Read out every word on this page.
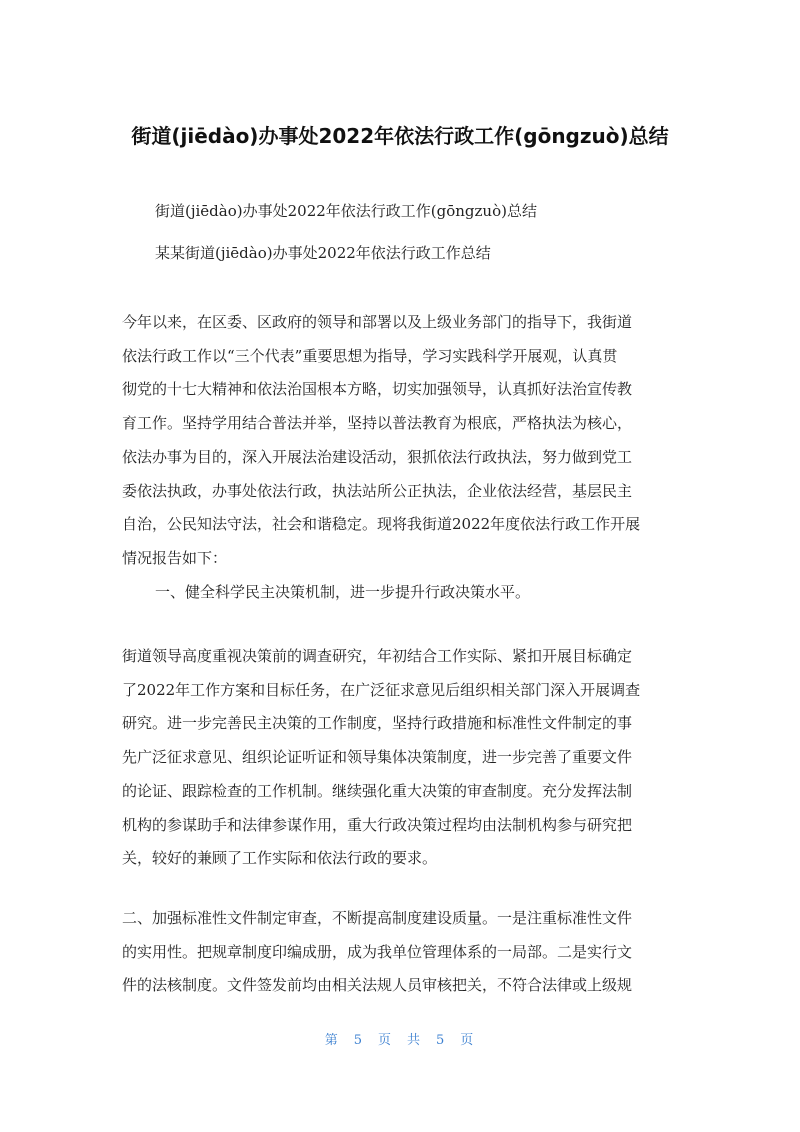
街道(jiēdào)办事处2022年依法行政工作(gōngzuò)总结
街道(jiēdào)办事处2022年依法行政工作(gōngzuò)总结
某某街道(jiēdào)办事处2022年依法行政工作总结
今年以来，在区委、区政府的领导和部署以及上级业务部门的指导下，我街道
依法行政工作以“三个代表”重要思想为指导，学习实践科学开展观，认真贯
彻党的十七大精神和依法治国根本方略，切实加强领导，认真抓好法治宣传教
育工作。坚持学用结合普法并举，坚持以普法教育为根底，严格执法为核心，
依法办事为目的，深入开展法治建设活动，狠抓依法行政执法，努力做到党工
委依法执政，办事处依法行政，执法站所公正执法，企业依法经营，基层民主
自治，公民知法守法，社会和谐稳定。现将我街道2022年度依法行政工作开展
情况报告如下：
一、健全科学民主决策机制，进一步提升行政决策水平。
街道领导高度重视决策前的调查研究，年初结合工作实际、紧扣开展目标确定
了2022年工作方案和目标任务，在广泛征求意见后组织相关部门深入开展调查
研究。进一步完善民主决策的工作制度，坚持行政措施和标准性文件制定的事
先广泛征求意见、组织论证听证和领导集体决策制度，进一步完善了重要文件
的论证、跟踪检查的工作机制。继续强化重大决策的审查制度。充分发挥法制
机构的参谋助手和法律参谋作用，重大行政决策过程均由法制机构参与研究把
关，较好的兼顾了工作实际和依法行政的要求。
二、加强标准性文件制定审查，不断提高制度建设质量。一是注重标准性文件
的实用性。把规章制度印编成册，成为我单位管理体系的一局部。二是实行文
件的法核制度。文件签发前均由相关法规人员审核把关，不符合法律或上级规
第 5 页 共 5 页
